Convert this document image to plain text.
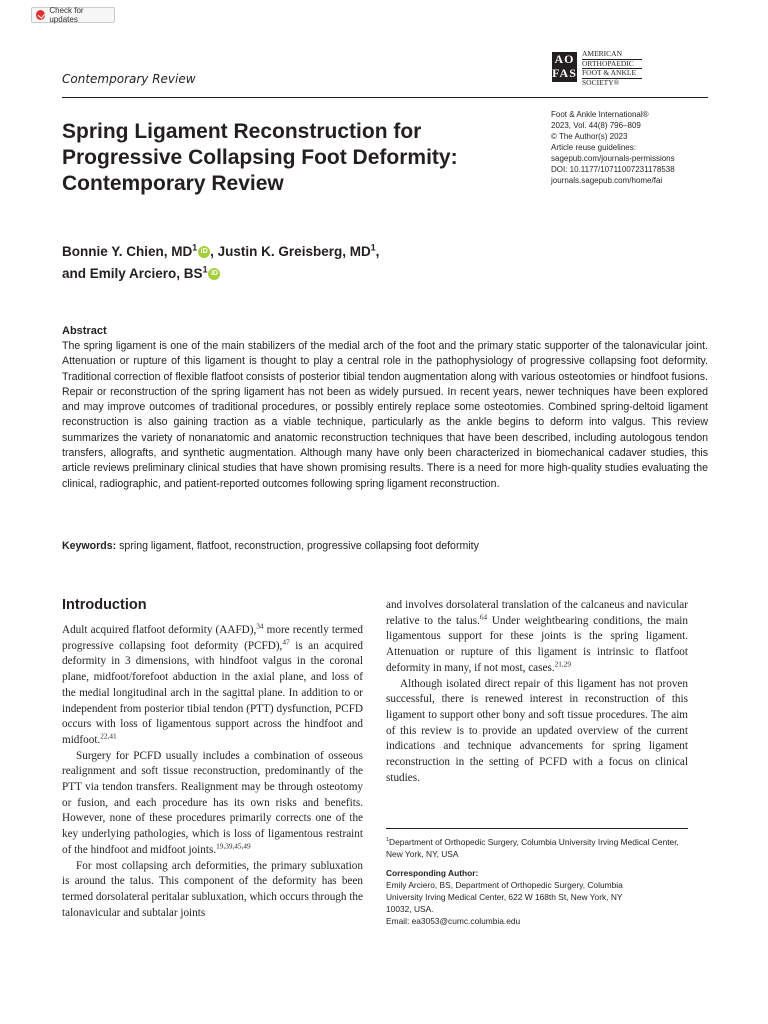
Check for updates
Contemporary Review
AO
FAS
AMERICAN
ORTHOPAEDIC
FOOT & ANKLE
SOCIETY®
Foot & Ankle International®
2023, Vol. 44(8) 796–809
© The Author(s) 2023
Article reuse guidelines:
sagepub.com/journals-permissions
DOI: 10.1177/10711007231178538
journals.sagepub.com/home/fai
Spring Ligament Reconstruction for Progressive Collapsing Foot Deformity: Contemporary Review
Bonnie Y. Chien, $MD^1$ iD , Justin K. Greisberg, $MD^1$,
and Emily Arciero, $BS^1$ iD
Abstract
The spring ligament is one of the main stabilizers of the medial arch of the foot and the primary static supporter of the talonavicular joint. Attenuation or rupture of this ligament is thought to play a central role in the pathophysiology of progressive collapsing foot deformity. Traditional correction of flexible flatfoot consists of posterior tibial tendon augmentation along with various osteotomies or hindfoot fusions. Repair or reconstruction of the spring ligament has not been as widely pursued. In recent years, newer techniques have been explored and may improve outcomes of traditional procedures, or possibly entirely replace some osteotomies. Combined spring-deltoid ligament reconstruction is also gaining traction as a viable technique, particularly as the ankle begins to deform into valgus. This review summarizes the variety of nonanatomic and anatomic reconstruction techniques that have been described, including autologous tendon transfers, allografts, and synthetic augmentation. Although many have only been characterized in biomechanical cadaver studies, this article reviews preliminary clinical studies that have shown promising results. There is a need for more high-quality studies evaluating the clinical, radiographic, and patient-reported outcomes following spring ligament reconstruction.
Keywords: spring ligament, flatfoot, reconstruction, progressive collapsing foot deformity
Introduction

Adult acquired flatfoot deformity (AAFD),$^{34}$ more recently termed progressive collapsing foot deformity (PCFD),$^{47}$ is an acquired deformity in 3 dimensions, with hindfoot valgus in the coronal plane, midfoot/forefoot abduction in the axial plane, and loss of the medial longitudinal arch in the sagittal plane. In addition to or independent from posterior tibial tendon (PTT) dysfunction, PCFD occurs with loss of ligamentous support across the hindfoot and midfoot.$^{22,41}$

Surgery for PCFD usually includes a combination of osseous realignment and soft tissue reconstruction, predominantly of the PTT via tendon transfers. Realignment may be through osteotomy or fusion, and each procedure has its own risks and benefits. However, none of these procedures primarily corrects one of the key underlying pathologies, which is loss of ligamentous restraint of the hindfoot and midfoot joints.$^{19,39,45,49}$

For most collapsing arch deformities, the primary subluxation is around the talus. This component of the deformity has been termed dorsolateral peritalar subluxation, which occurs through the talonavicular and subtalar joints

and involves dorsolateral translation of the calcaneus and navicular relative to the talus.$^{64}$ Under weightbearing conditions, the main ligamentous support for these joints is the spring ligament. Attenuation or rupture of this ligament is intrinsic to flatfoot deformity in many, if not most, cases.$^{21,29}$

Although isolated direct repair of this ligament has not proven successful, there is renewed interest in reconstruction of this ligament to support other bony and soft tissue procedures. The aim of this review is to provide an updated overview of the current indications and technique advancements for spring ligament reconstruction in the setting of PCFD with a focus on clinical studies.

$^1$Department of Orthopedic Surgery, Columbia University Irving Medical Center, New York, NY, USA

Corresponding Author:

Emily Arciero, BS, Department of Orthopedic Surgery, Columbia
University Irving Medical Center, 622 W 168th St, New York, NY
10032, USA.
Email: ea3053@cumc.columbia.edu
